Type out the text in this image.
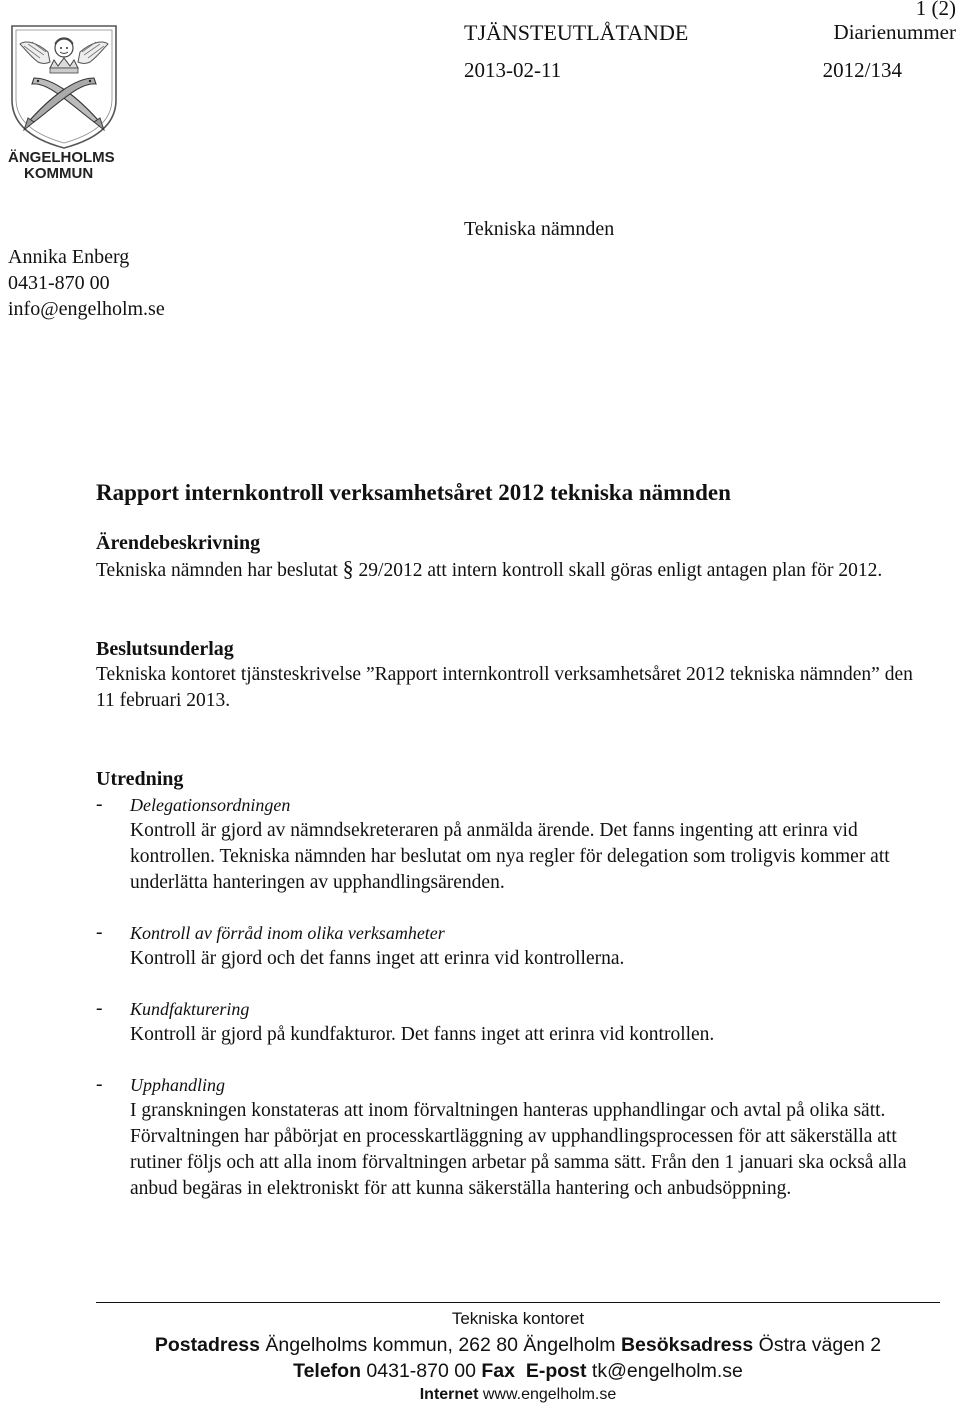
ÄNGELHOLMS
KOMMUN
1 (2)
TJÄNSTEUTLÅTANDE	Diarienummer
2013-02-11	2012/134
Annika Enberg
0431-870 00
info@engelholm.se
Tekniska nämnden
Rapport internkontroll verksamhetsåret 2012 tekniska nämnden
Ärendebeskrivning

Tekniska nämnden har beslutat § 29/2012 att intern kontroll skall göras enligt antagen plan för 2012.

Beslutsunderlag

Tekniska kontoret tjänsteskrivelse ”Rapport internkontroll verksamhetsåret 2012 tekniska nämnden” den 11 februari 2013.

Utredning
- Delegationsordningen

Kontroll är gjord av nämndsekreteraren på anmälda ärende. Det fanns ingenting att erinra vid kontrollen. Tekniska nämnden har beslutat om nya regler för delegation som troligvis kommer att underlätta hanteringen av upphandlingsärenden.

- Kontroll av förråd inom olika verksamheter

Kontroll är gjord och det fanns inget att erinra vid kontrollerna.

- Kundfakturering

Kontroll är gjord på kundfakturor. Det fanns inget att erinra vid kontrollen.

- Upphandling

I granskningen konstateras att inom förvaltningen hanteras upphandlingar och avtal på olika sätt. Förvaltningen har påbörjat en processkartläggning av upphandlingsprocessen för att säkerställa att rutiner följs och att alla inom förvaltningen arbetar på samma sätt. Från den 1 januari ska också alla anbud begäras in elektroniskt för att kunna säkerställa hantering och anbudsöppning.

Tekniska kontoret
Postadress Ängelholms kommun, 262 80 Ängelholm Besöksadress Östra vägen 2
Telefon 0431-870 00 Fax E-post tk@engelholm.se
Internet www.engelholm.se
